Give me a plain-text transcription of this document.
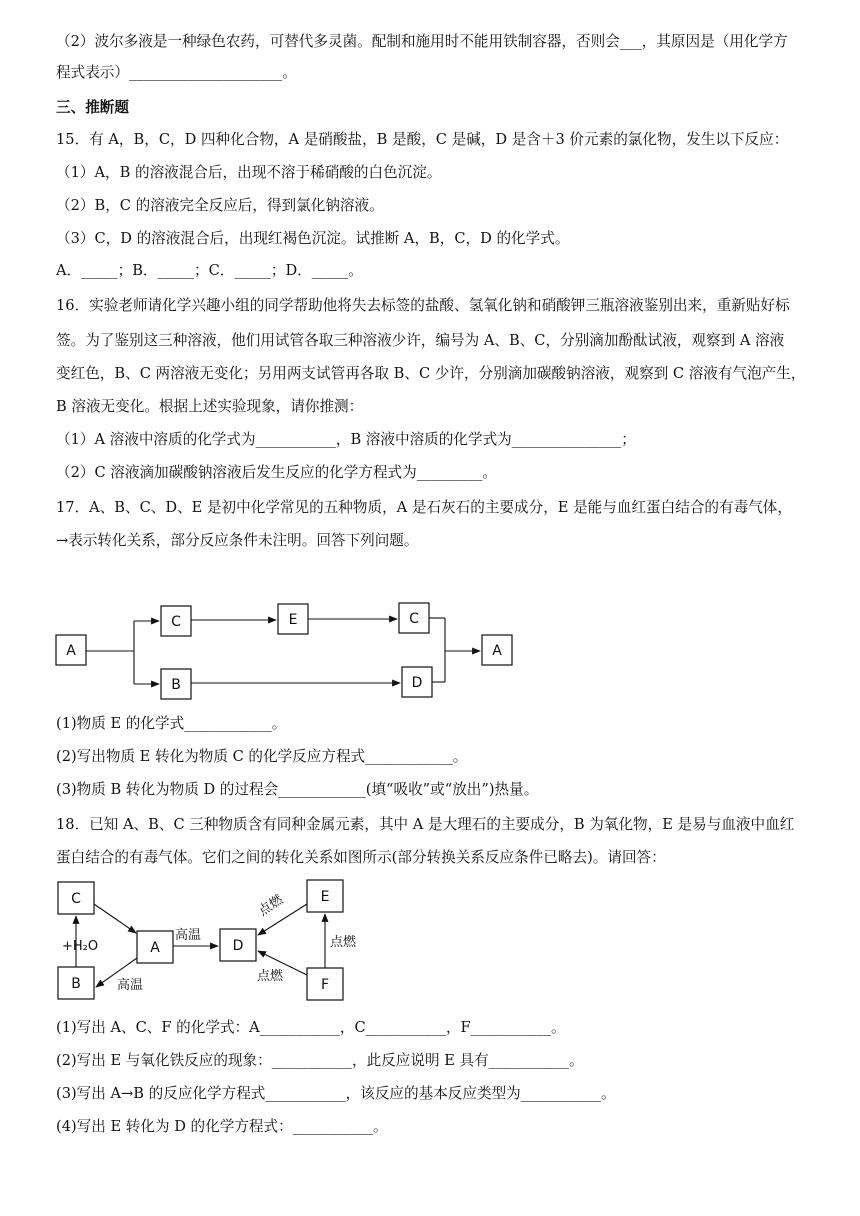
（2）波尔多液是一种绿色农药，可替代多灵菌。配制和施用时不能用铁制容器，否则会___，其原因是（用化学方
程式表示）_____________________。
三、推断题
15．有 A，B，C，D 四种化合物，A 是硝酸盐，B 是酸，C 是碱，D 是含＋3 价元素的氯化物，发生以下反应：
（1）A，B 的溶液混合后，出现不溶于稀硝酸的白色沉淀。
（2）B，C 的溶液完全反应后，得到氯化钠溶液。
（3）C，D 的溶液混合后，出现红褐色沉淀。试推断 A，B，C，D 的化学式。
A．_____；B．_____；C．_____；D．_____。
16．实验老师请化学兴趣小组的同学帮助他将失去标签的盐酸、氢氧化钠和硝酸钾三瓶溶液鉴别出来，重新贴好标
签。为了鉴别这三种溶液，他们用试管各取三种溶液少许，编号为 A、B、C，分别滴加酚酞试液，观察到 A 溶液
变红色，B、C 两溶液无变化；另用两支试管再各取 B、C 少许，分别滴加碳酸钠溶液，观察到 C 溶液有气泡产生，
B 溶液无变化。根据上述实验现象，请你推测：
（1）A 溶液中溶质的化学式为___________，B 溶液中溶质的化学式为_______________；
（2）C 溶液滴加碳酸钠溶液后发生反应的化学方程式为_________。
17．A、B、C、D、E 是初中化学常见的五种物质，A 是石灰石的主要成分，E 是能与血红蛋白结合的有毒气体，
→表示转化关系，部分反应条件未注明。回答下列问题。
A
C	E	C
B	D
A
(1)物质 E 的化学式____________。
(2)写出物质 E 转化为物质 C 的化学反应方程式____________。
(3)物质 B 转化为物质 D 的过程会____________(填“吸收”或“放出”)热量。
18．已知 A、B、C 三种物质含有同种金属元素，其中 A 是大理石的主要成分，B 为氧化物，E 是易与血液中血红
蛋白结合的有毒气体。它们之间的转化关系如图所示(部分转换关系反应条件已略去)。请回答：
C
B
A	D
E
F
+H₂O
高温
高温
点燃
点燃
点燃
(1)写出 A、C、F 的化学式：A___________，C___________，F___________。
(2)写出 E 与氧化铁反应的现象：___________，此反应说明 E 具有___________。
(3)写出 A→B 的反应化学方程式___________，该反应的基本反应类型为___________。
(4)写出 E 转化为 D 的化学方程式：___________。
